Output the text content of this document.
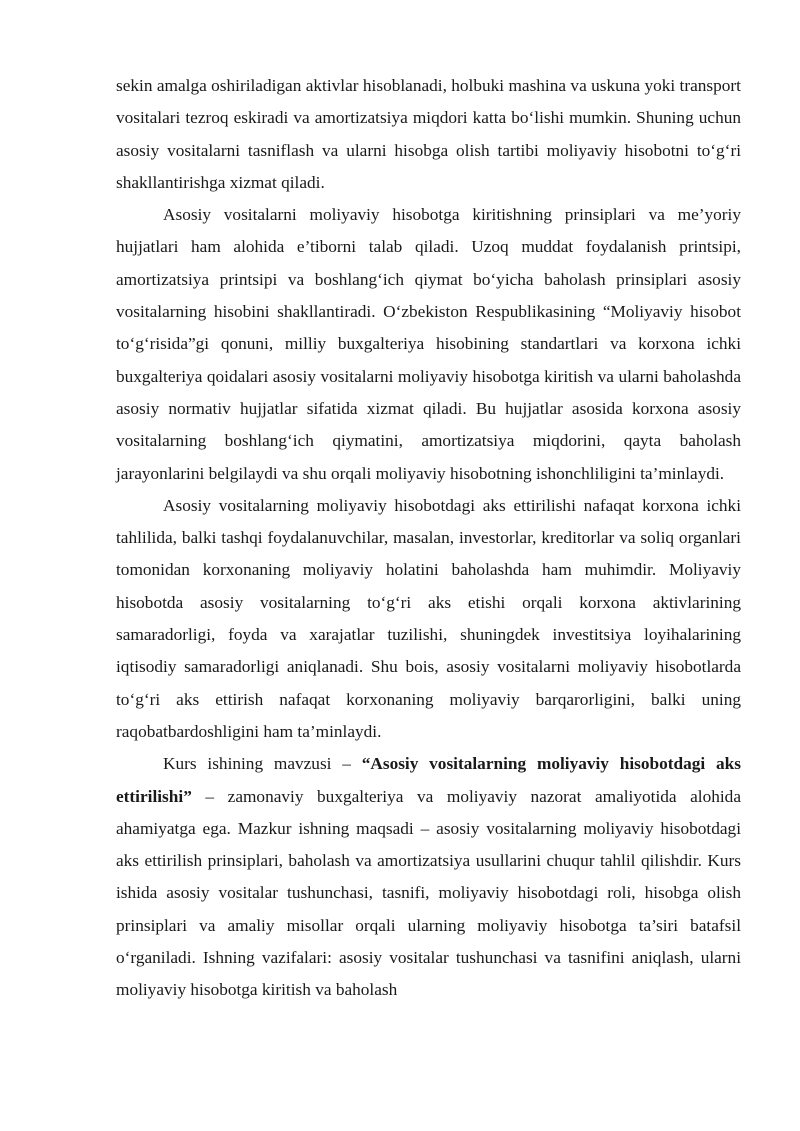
sekin amalga oshiriladigan aktivlar hisoblanadi, holbuki mashina va uskuna yoki transport vositalari tezroq eskiradi va amortizatsiya miqdori katta bo‘lishi mumkin. Shuning uchun asosiy vositalarni tasniflash va ularni hisobga olish tartibi moliyaviy hisobotni to‘g‘ri shakllantirishga xizmat qiladi.

Asosiy vositalarni moliyaviy hisobotga kiritishning prinsiplari va me’yoriy hujjatlari ham alohida e’tiborni talab qiladi. Uzoq muddat foydalanish printsipi, amortizatsiya printsipi va boshlang‘ich qiymat bo‘yicha baholash prinsiplari asosiy vositalarning hisobini shakllantiradi. O‘zbekiston Respublikasining “Moliyaviy hisobot to‘g‘risida”gi qonuni, milliy buxgalteriya hisobining standartlari va korxona ichki buxgalteriya qoidalari asosiy vositalarni moliyaviy hisobotga kiritish va ularni baholashda asosiy normativ hujjatlar sifatida xizmat qiladi. Bu hujjatlar asosida korxona asosiy vositalarning boshlang‘ich qiymatini, amortizatsiya miqdorini, qayta baholash jarayonlarini belgilaydi va shu orqali moliyaviy hisobotning ishonchliligini ta’minlaydi.

Asosiy vositalarning moliyaviy hisobotdagi aks ettirilishi nafaqat korxona ichki tahlilida, balki tashqi foydalanuvchilar, masalan, investorlar, kreditorlar va soliq organlari tomonidan korxonaning moliyaviy holatini baholashda ham muhimdir. Moliyaviy hisobotda asosiy vositalarning to‘g‘ri aks etishi orqali korxona aktivlarining samaradorligi, foyda va xarajatlar tuzilishi, shuningdek investitsiya loyihalarining iqtisodiy samaradorligi aniqlanadi. Shu bois, asosiy vositalarni moliyaviy hisobotlarda to‘g‘ri aks ettirish nafaqat korxonaning moliyaviy barqarorligini, balki uning raqobatbardoshligini ham ta’minlaydi.

Kurs ishining mavzusi – “Asosiy vositalarning moliyaviy hisobotdagi aks ettirilishi” – zamonaviy buxgalteriya va moliyaviy nazorat amaliyotida alohida ahamiyatga ega. Mazkur ishning maqsadi – asosiy vositalarning moliyaviy hisobotdagi aks ettirilish prinsiplari, baholash va amortizatsiya usullarini chuqur tahlil qilishdir. Kurs ishida asosiy vositalar tushunchasi, tasnifi, moliyaviy hisobotdagi roli, hisobga olish prinsiplari va amaliy misollar orqali ularning moliyaviy hisobotga ta’siri batafsil o‘rganiladi. Ishning vazifalari: asosiy vositalar tushunchasi va tasnifini aniqlash, ularni moliyaviy hisobotga kiritish va baholash
